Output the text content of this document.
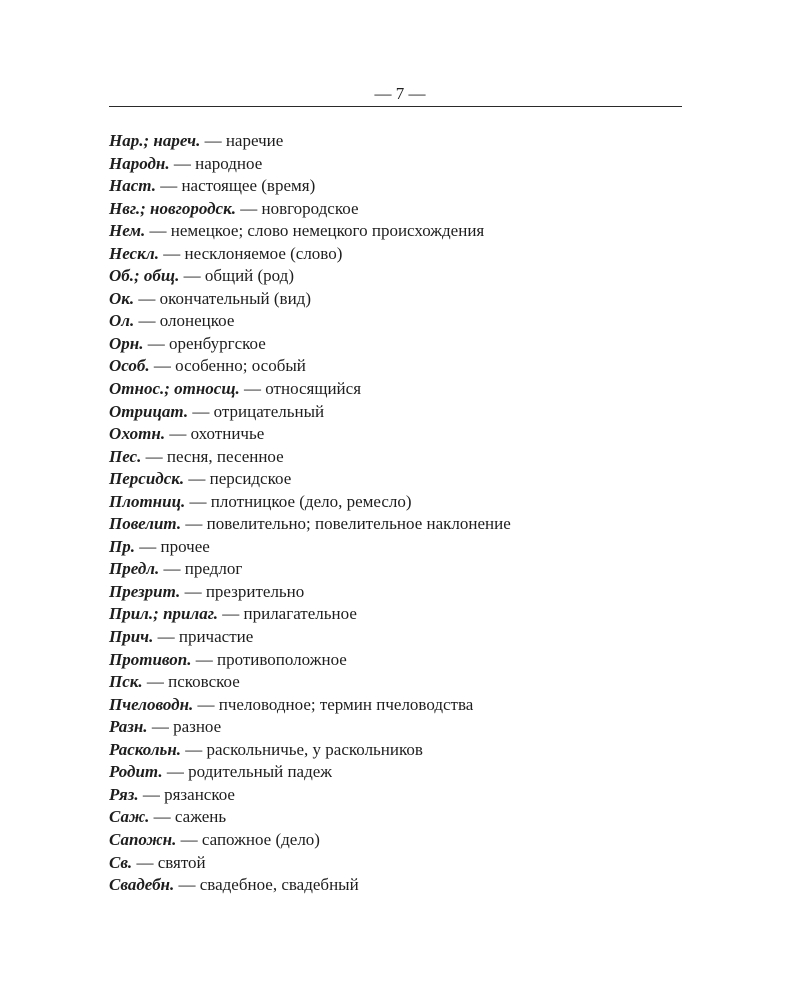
— 7 —
Нар.; нареч. — наречие
Народн. — народное
Наст. — настоящее (время)
Нвг.; новгородск. — новгородское
Нем. — немецкое; слово немецкого происхождения
Нескл. — несклоняемое (слово)
Об.; общ. — общий (род)
Ок. — окончательный (вид)
Ол. — олонецкое
Орн. — оренбургское
Особ. — особенно; особый
Относ.; относщ. — относящийся
Отрицат. — отрицательный
Охотн. — охотничье
Пес. — песня, песенное
Персидск. — персидское
Плотниц. — плотницкое (дело, ремесло)
Повелит. — повелительно; повелительное наклонение
Пр. — прочее
Предл. — предлог
Презрит. — презрительно
Прил.; прилаг. — прилагательное
Прич. — причастие
Противоп. — противоположное
Пск. — псковское
Пчеловодн. — пчеловодное; термин пчеловодства
Разн. — разное
Раскольн. — раскольничье, у раскольников
Родит. — родительный падеж
Ряз. — рязанское
Саж. — сажень
Сапожн. — сапожное (дело)
Св. — святой
Свадебн. — свадебное, свадебный
